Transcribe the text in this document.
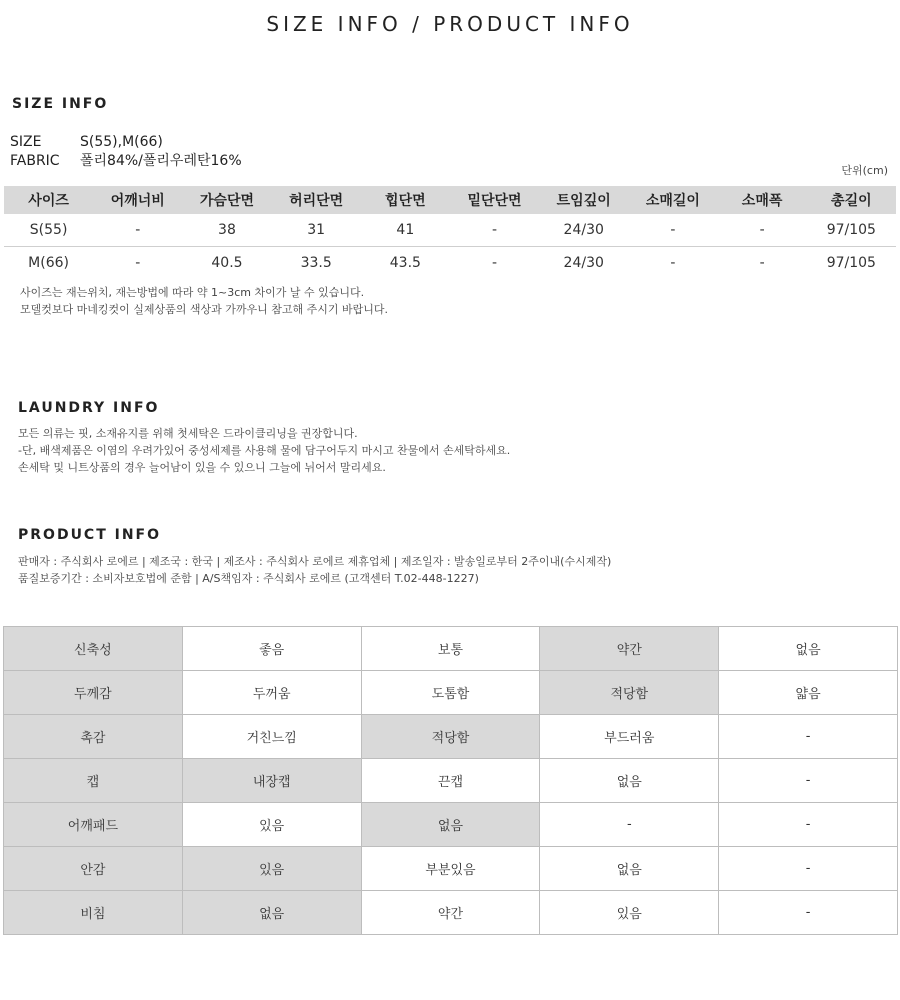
SIZE INFO / PRODUCT INFO
SIZE INFO
SIZE	S(55),M(66)
FABRIC 폴리84%/폴리우레탄16%
단위(cm)
사이즈	어깨너비	가슴단면	허리단면	힙단면	밑단단면	트임깊이	소매길이	소매폭	총길이
S(55)	-	38	31	41	-	24/30	-	-	97/105
M(66)	-	40.5	33.5	43.5	-	24/30	-	-	97/105
사이즈는 재는위치, 재는방법에 따라 약 1~3cm 차이가 날 수 있습니다.
모델컷보다 마네킹컷이 실제상품의 색상과 가까우니 참고해 주시기 바랍니다.
LAUNDRY INFO
모든 의류는 핏, 소재유지를 위해 첫세탁은 드라이클리닝을 권장합니다.
-단, 배색제품은 이염의 우려가있어 중성세제를 사용해 물에 담구어두지 마시고 찬물에서 손세탁하세요.
손세탁 및 니트상품의 경우 늘어남이 있을 수 있으니 그늘에 뉘어서 말리세요.
PRODUCT INFO
판매자 : 주식회사 로에르 | 제조국 : 한국 | 제조사 : 주식회사 로에르 제휴업체 | 제조일자 : 발송일로부터 2주이내(수시제작)
품질보증기간 : 소비자보호법에 준함 | A/S책임자 : 주식회사 로에르 (고객센터 T.02-448-1227)
신축성	좋음	보통	약간	없음
두께감	두꺼움	도톰함	적당함	얇음
촉감	거친느낌	적당함	부드러움	-
캡	내장캡	끈캡	없음	-
어깨패드	있음	없음	-	-
안감	있음	부분있음	없음	-
비침	없음	약간	있음	-
